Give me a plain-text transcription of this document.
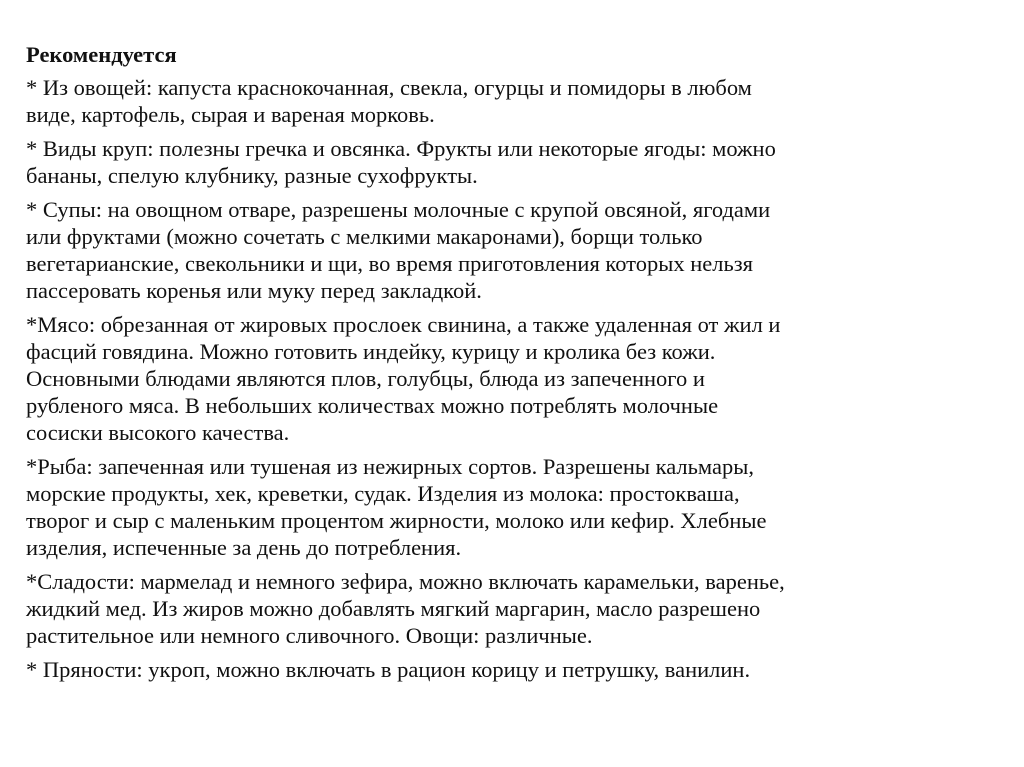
Рекомендуется
* Из овощей: капуста краснокочанная, свекла, огурцы и помидоры в любом
виде, картофель, сырая и вареная морковь.
* Виды круп: полезны гречка и овсянка. Фрукты или некоторые ягоды: можно
бананы, спелую клубнику, разные сухофрукты.
* Супы: на овощном отваре, разрешены молочные с крупой овсяной, ягодами
или фруктами (можно сочетать с мелкими макаронами), борщи только
вегетарианские, свекольники и щи, во время приготовления которых нельзя
пассеровать коренья или муку перед закладкой.
*Мясо: обрезанная от жировых прослоек свинина, а также удаленная от жил и
фасций говядина. Можно готовить индейку, курицу и кролика без кожи.
Основными блюдами являются плов, голубцы, блюда из запеченного и
рубленого мяса. В небольших количествах можно потреблять молочные
сосиски высокого качества.
*Рыба: запеченная или тушеная из нежирных сортов. Разрешены кальмары,
морские продукты, хек, креветки, судак. Изделия из молока: простокваша,
творог и сыр с маленьким процентом жирности, молоко или кефир. Хлебные
изделия, испеченные за день до потребления.
*Сладости: мармелад и немного зефира, можно включать карамельки, варенье,
жидкий мед. Из жиров можно добавлять мягкий маргарин, масло разрешено
растительное или немного сливочного. Овощи: различные.
* Пряности: укроп, можно включать в рацион корицу и петрушку, ванилин.
